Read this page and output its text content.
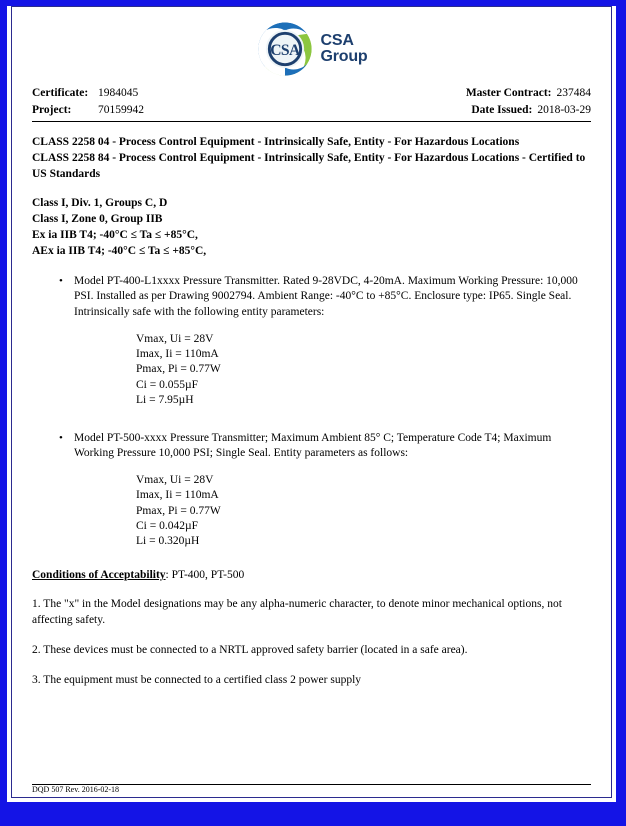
CSA
CSA
Group
Certificate: 1984045	Master Contract: 237484
Project:	70159942	Date Issued: 2018-03-29
CLASS 2258 04 - Process Control Equipment - Intrinsically Safe, Entity - For Hazardous Locations
CLASS 2258 84 - Process Control Equipment - Intrinsically Safe, Entity - For Hazardous Locations - Certified to US Standards
Class I, Div. 1, Groups C, D
Class I, Zone 0, Group IIB
Ex ia IIB T4; -40°C ≤ Ta ≤ +85°C,
AEx ia IIB T4; -40°C ≤ Ta ≤ +85°C,
• Model PT-400-L1xxxx Pressure Transmitter. Rated 9-28VDC, 4-20mA. Maximum Working Pressure: 10,000 PSI. Installed as per Drawing 9002794. Ambient Range: -40°C to +85°C. Enclosure type: IP65. Single Seal. Intrinsically safe with the following entity parameters:
Vmax, Ui = 28V
Imax, Ii = 110mA
Pmax, Pi = 0.77W
Ci = 0.055µF
Li = 7.95µH
• Model PT-500-xxxx Pressure Transmitter; Maximum Ambient 85° C; Temperature Code T4; Maximum Working Pressure 10,000 PSI; Single Seal. Entity parameters as follows:
Vmax, Ui = 28V
Imax, Ii = 110mA
Pmax, Pi = 0.77W
Ci = 0.042µF
Li = 0.320µH
Conditions of Acceptability: PT-400, PT-500
1. The "x" in the Model designations may be any alpha-numeric character, to denote minor mechanical options, not affecting safety.
2. These devices must be connected to a NRTL approved safety barrier (located in a safe area).
3. The equipment must be connected to a certified class 2 power supply
DQD 507 Rev. 2016-02-18
